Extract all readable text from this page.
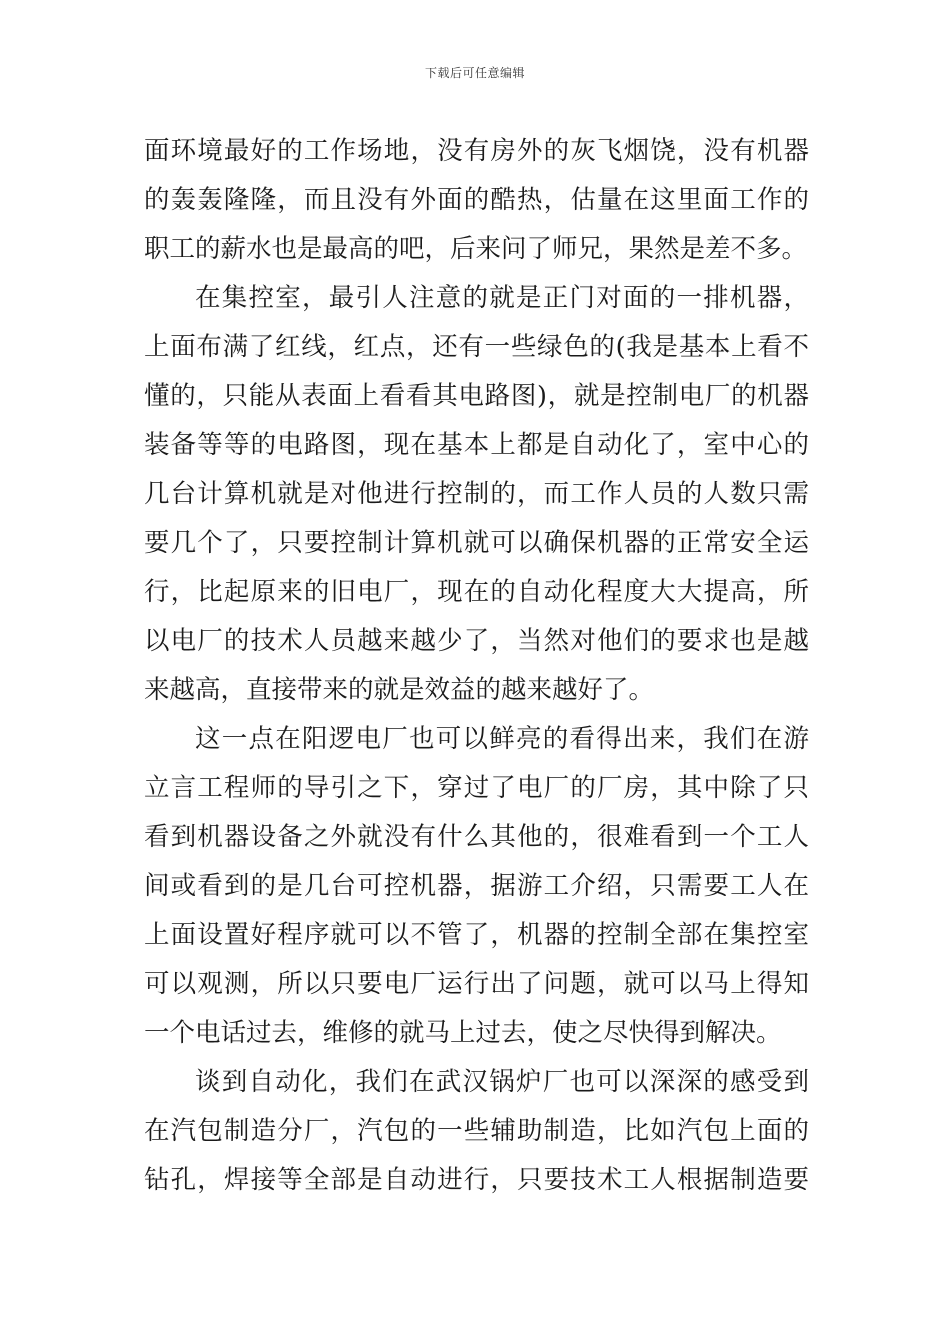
下载后可任意编辑
面环境最好的工作场地，没有房外的灰飞烟饶，没有机器
的轰轰隆隆，而且没有外面的酷热，估量在这里面工作的
职工的薪水也是最高的吧，后来问了师兄，果然是差不多。
在集控室，最引人注意的就是正门对面的一排机器，
上面布满了红线，红点，还有一些绿色的(我是基本上看不
懂的，只能从表面上看看其电路图)，就是控制电厂的机器
装备等等的电路图，现在基本上都是自动化了，室中心的
几台计算机就是对他进行控制的，而工作人员的人数只需
要几个了，只要控制计算机就可以确保机器的正常安全运
行，比起原来的旧电厂，现在的自动化程度大大提高，所
以电厂的技术人员越来越少了，当然对他们的要求也是越
来越高，直接带来的就是效益的越来越好了。
这一点在阳逻电厂也可以鲜亮的看得出来，我们在游
立言工程师的导引之下，穿过了电厂的厂房，其中除了只
看到机器设备之外就没有什么其他的，很难看到一个工人
间或看到的是几台可控机器，据游工介绍，只需要工人在
上面设置好程序就可以不管了，机器的控制全部在集控室
可以观测，所以只要电厂运行出了问题，就可以马上得知
一个电话过去，维修的就马上过去，使之尽快得到解决。
谈到自动化，我们在武汉锅炉厂也可以深深的感受到
在汽包制造分厂，汽包的一些辅助制造，比如汽包上面的
钻孔，焊接等全部是自动进行，只要技术工人根据制造要
